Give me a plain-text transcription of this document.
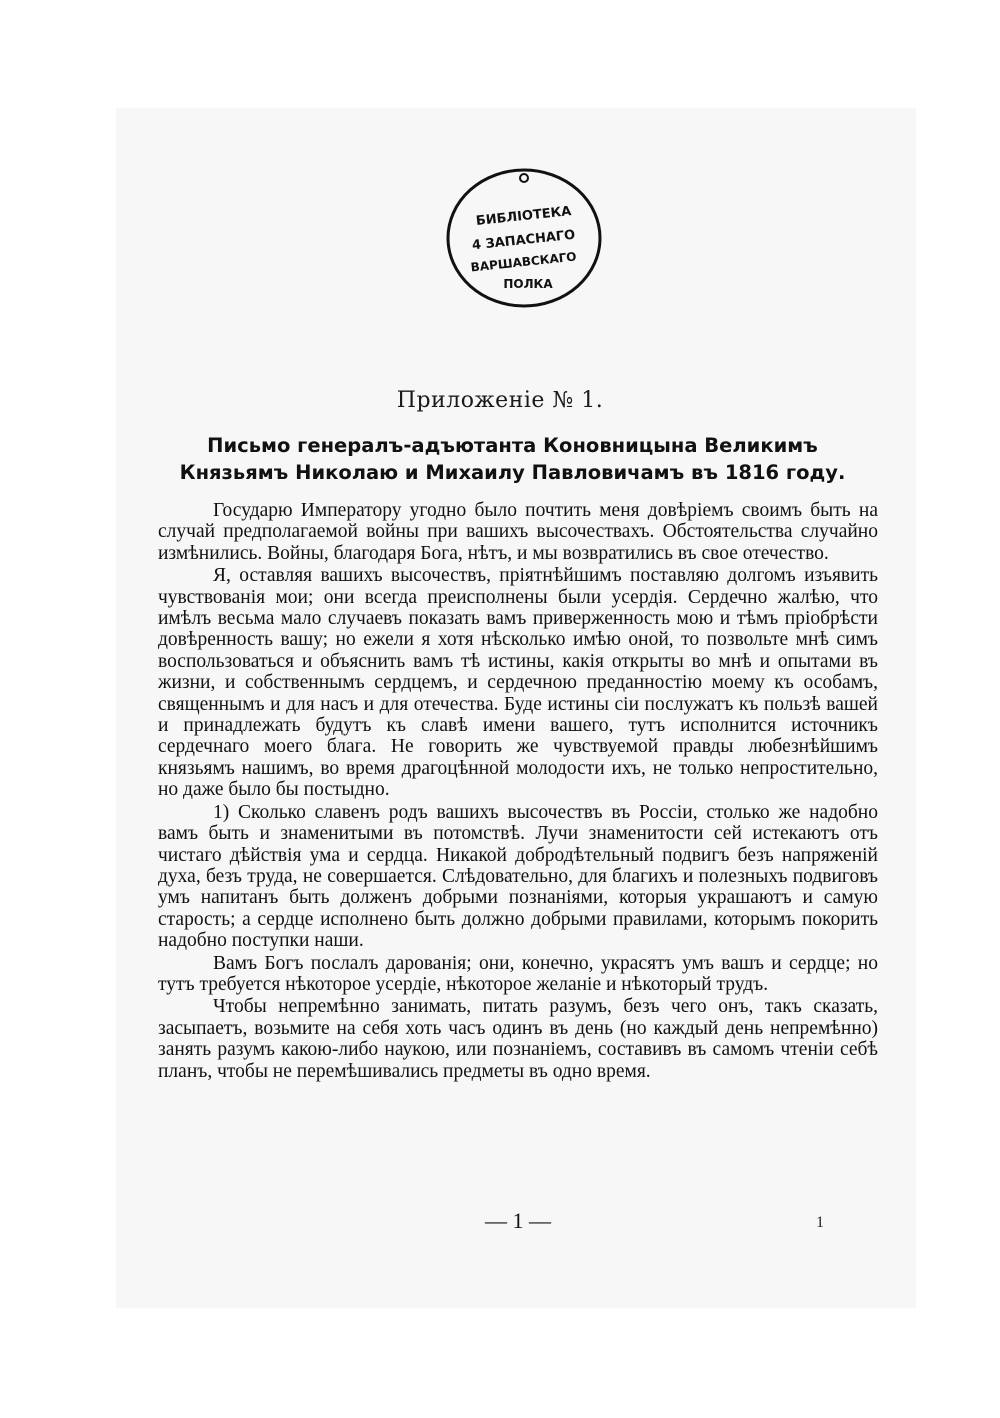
БИБЛІОТЕКА
4 ЗАПАСНАГО
ВАРШАВСКАГО
ПОЛКА
Приложеніе № 1.
Письмо генералъ-адъютанта Коновницына Великимъ Князьямъ Николаю и Михаилу Павловичамъ въ 1816 году.

Государю Императору угодно было почтить меня довѣріемъ своимъ быть на случай предполагаемой войны при вашихъ высочествахъ. Обстоятельства случайно измѣнились. Войны, благодаря Бога, нѣтъ, и мы возвратились въ свое отечество.

Я, оставляя вашихъ высочествъ, пріятнѣйшимъ поставляю долгомъ изъявить чувствованія мои; они всегда преисполнены были усердія. Сердечно жалѣю, что имѣлъ весьма мало случаевъ показать вамъ приверженность мою и тѣмъ пріобрѣсти довѣренность вашу; но ежели я хотя нѣсколько имѣю оной, то позвольте мнѣ симъ воспользоваться и объяснить вамъ тѣ истины, какія открыты во мнѣ и опытами въ жизни, и собственнымъ сердцемъ, и сердечною преданностію моему къ особамъ, священнымъ и для насъ и для отечества. Буде истины сіи послужатъ къ пользѣ вашей и принадлежать будутъ къ славѣ имени вашего, тутъ исполнится источникъ сердечнаго моего блага. Не говорить же чувствуемой правды любезнѣйшимъ князьямъ нашимъ, во время драгоцѣнной молодости ихъ, не только непростительно, но даже было бы постыдно.

1) Сколько славенъ родъ вашихъ высочествъ въ Россіи, столько же надобно вамъ быть и знаменитыми въ потомствѣ. Лучи знаменитости сей истекаютъ отъ чистаго дѣйствія ума и сердца. Никакой добродѣтельный подвигъ безъ напряженій духа, безъ труда, не совершается. Слѣдовательно, для благихъ и полезныхъ подвиговъ умъ напитанъ быть долженъ добрыми познаніями, которыя украшаютъ и самую старость; а сердце исполнено быть должно добрыми правилами, которымъ покорить надобно поступки наши.

Вамъ Богъ послалъ дарованія; они, конечно, украсятъ умъ вашъ и сердце; но тутъ требуется нѣкоторое усердіе, нѣкоторое желаніе и нѣкоторый трудъ.

Чтобы непремѣнно занимать, питать разумъ, безъ чего онъ, такъ сказать, засыпаетъ, возьмите на себя хоть часъ одинъ въ день (но каждый день непремѣнно) занять разумъ какою-либо наукою, или познаніемъ, составивъ въ самомъ чтеніи себѣ планъ, чтобы не перемѣшивались предметы въ одно время.

— 1 —	1
